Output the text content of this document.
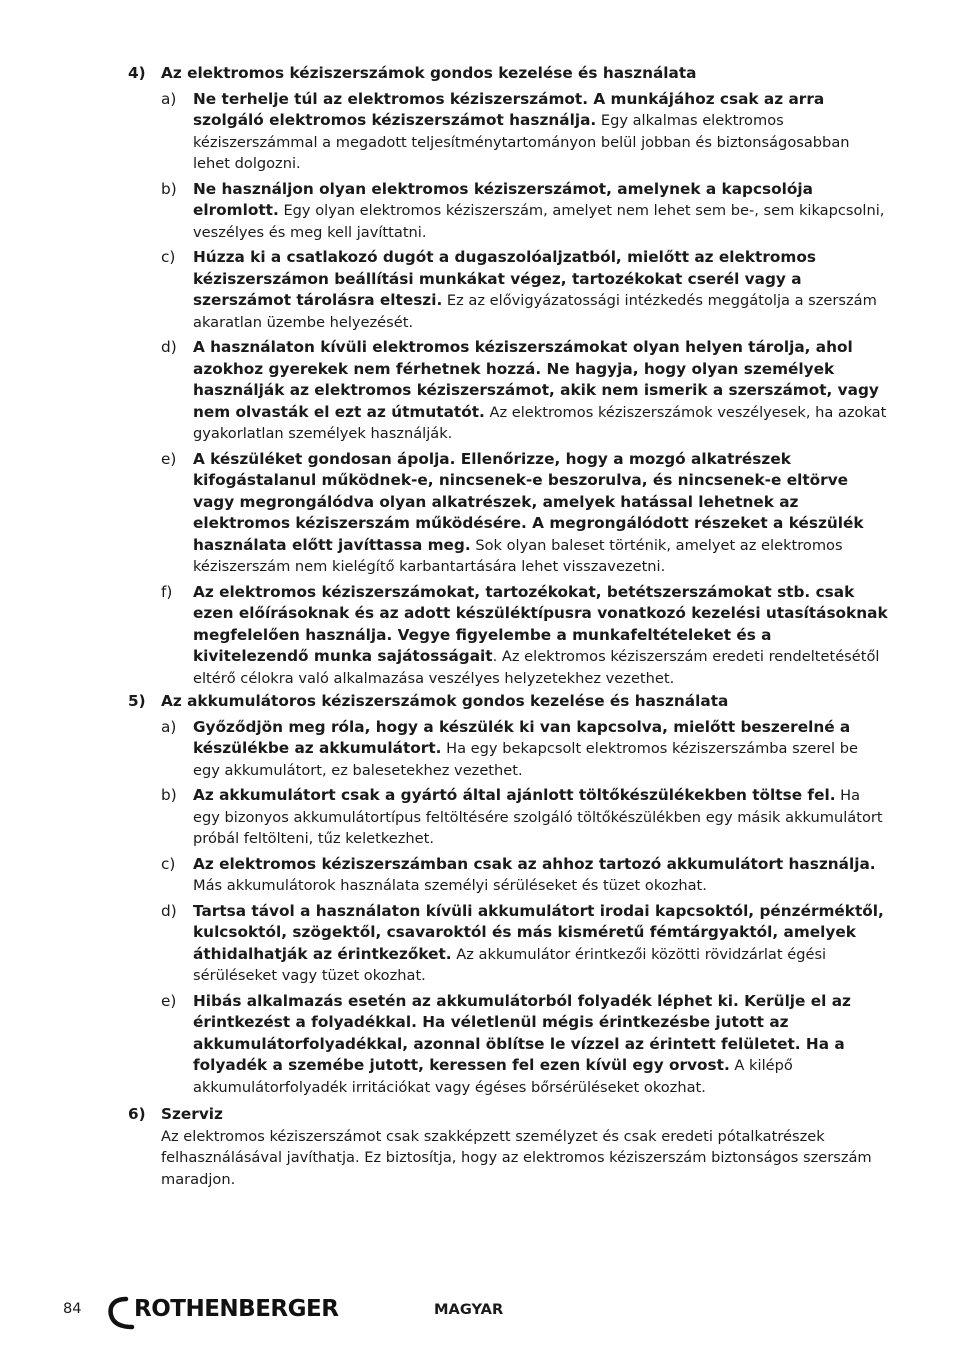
4)	Az elektromos kéziszerszámok gondos kezelése és használata
a)	Ne terhelje túl az elektromos kéziszerszámot. A munkájához csak az arra szolgáló elektromos kéziszerszámot használja. Egy alkalmas elektromos kéziszerszámmal a megadott teljesítménytartományon belül jobban és biztonságosabban lehet dolgozni.
b)	Ne használjon olyan elektromos kéziszerszámot, amelynek a kapcsolója elromlott. Egy olyan elektromos kéziszerszám, amelyet nem lehet sem be-, sem kikapcsolni, veszélyes és meg kell javíttatni.
c)	Húzza ki a csatlakozó dugót a dugaszolóaljzatból, mielőtt az elektromos kéziszerszámon beállítási munkákat végez, tartozékokat cserél vagy a szerszámot tárolásra elteszi. Ez az elővigyázatossági intézkedés meggátolja a szerszám akaratlan üzembe helyezését.
d)	A használaton kívüli elektromos kéziszerszámokat olyan helyen tárolja, ahol azokhoz gyerekek nem férhetnek hozzá. Ne hagyja, hogy olyan személyek használják az elektromos kéziszerszámot, akik nem ismerik a szerszámot, vagy nem olvasták el ezt az útmutatót. Az elektromos kéziszerszámok veszélyesek, ha azokat gyakorlatlan személyek használják.
e)	A készüléket gondosan ápolja. Ellenőrizze, hogy a mozgó alkatrészek kifogástalanul működnek-e, nincsenek-e beszorulva, és nincsenek-e eltörve vagy megrongálódva olyan alkatrészek, amelyek hatással lehetnek az elektromos kéziszerszám működésére. A megrongálódott részeket a készülék használata előtt javíttassa meg. Sok olyan baleset történik, amelyet az elektromos kéziszerszám nem kielégítő karbantartására lehet visszavezetni.
f)	Az elektromos kéziszerszámokat, tartozékokat, betétszerszámokat stb. csak ezen előírásoknak és az adott készüléktípusra vonatkozó kezelési utasításoknak megfelelően használja. Vegye figyelembe a munkafeltételeket és a kivitelezendő munka sajátosságait. Az elektromos kéziszerszám eredeti rendeltetésétől eltérő célokra való alkalmazása veszélyes helyzetekhez vezethet.
5)	Az akkumulátoros kéziszerszámok gondos kezelése és használata
a)	Győződjön meg róla, hogy a készülék ki van kapcsolva, mielőtt beszerelné a készülékbe az akkumulátort. Ha egy bekapcsolt elektromos kéziszerszámba szerel be egy akkumulátort, ez balesetekhez vezethet.
b)	Az akkumulátort csak a gyártó által ajánlott töltőkészülékekben töltse fel. Ha egy bizonyos akkumulátortípus feltöltésére szolgáló töltőkészülékben egy másik akkumulátort próbál feltölteni, tűz keletkezhet.
c)	Az elektromos kéziszerszámban csak az ahhoz tartozó akkumulátort használja. Más akkumulátorok használata személyi sérüléseket és tüzet okozhat.
d)	Tartsa távol a használaton kívüli akkumulátort irodai kapcsoktól, pénzérméktől, kulcsoktól, szögektől, csavaroktól és más kisméretű fémtárgyaktól, amelyek áthidalhatják az érintkezőket. Az akkumulátor érintkezői közötti rövidzárlat égési sérüléseket vagy tüzet okozhat.
e)	Hibás alkalmazás esetén az akkumulátorból folyadék léphet ki. Kerülje el az érintkezést a folyadékkal. Ha véletlenül mégis érintkezésbe jutott az akkumulátorfolyadékkal, azonnal öblítse le vízzel az érintett felületet. Ha a folyadék a szemébe jutott, keressen fel ezen kívül egy orvost. A kilépő akkumulátorfolyadék irritációkat vagy égéses bőrsérüléseket okozhat.
6)	Szerviz
Az elektromos kéziszerszámot csak szakképzett személyzet és csak eredeti pótalkatrészek felhasználásával javíthatja. Ez biztosítja, hogy az elektromos kéziszerszám biztonságos szerszám maradjon.
84 ROTHENBERGER	MAGYAR
